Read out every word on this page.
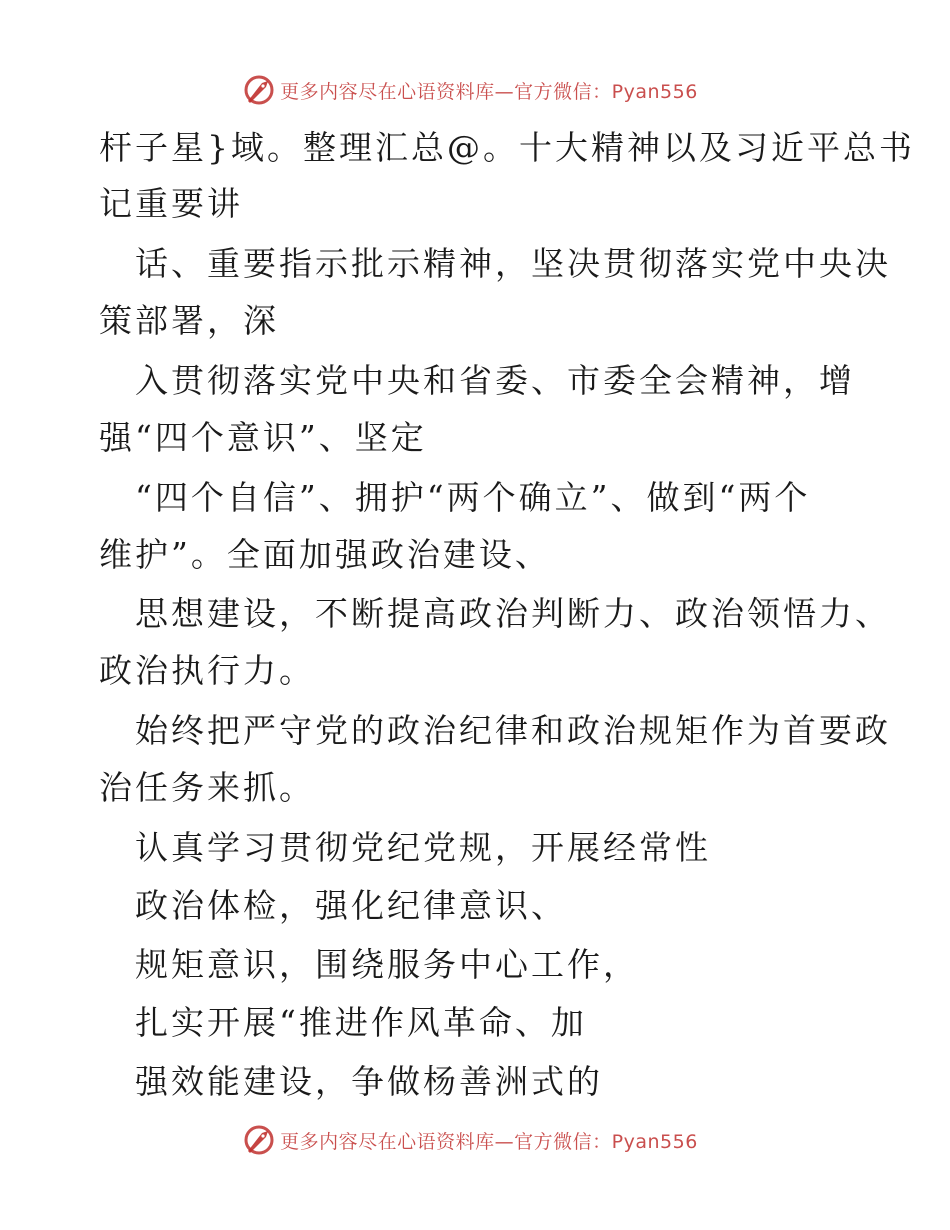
更多内容尽在心语资料库—官方微信：Pyan556
杆子星}域。整理汇总@。十大精神以及习近平总书
记重要讲
　话、重要指示批示精神，坚决贯彻落实党中央决
策部署，深
　入贯彻落实党中央和省委、市委全会精神，增
强“四个意识”、坚定
　“四个自信”、拥护“两个确立”、做到“两个
维护”。全面加强政治建设、
　思想建设，不断提高政治判断力、政治领悟力、
政治执行力。
　始终把严守党的政治纪律和政治规矩作为首要政
治任务来抓。
　认真学习贯彻党纪党规，开展经常性
　政治体检，强化纪律意识、
　规矩意识，围绕服务中心工作，
　扎实开展“推进作风革命、加
　强效能建设，争做杨善洲式的
更多内容尽在心语资料库—官方微信：Pyan556
